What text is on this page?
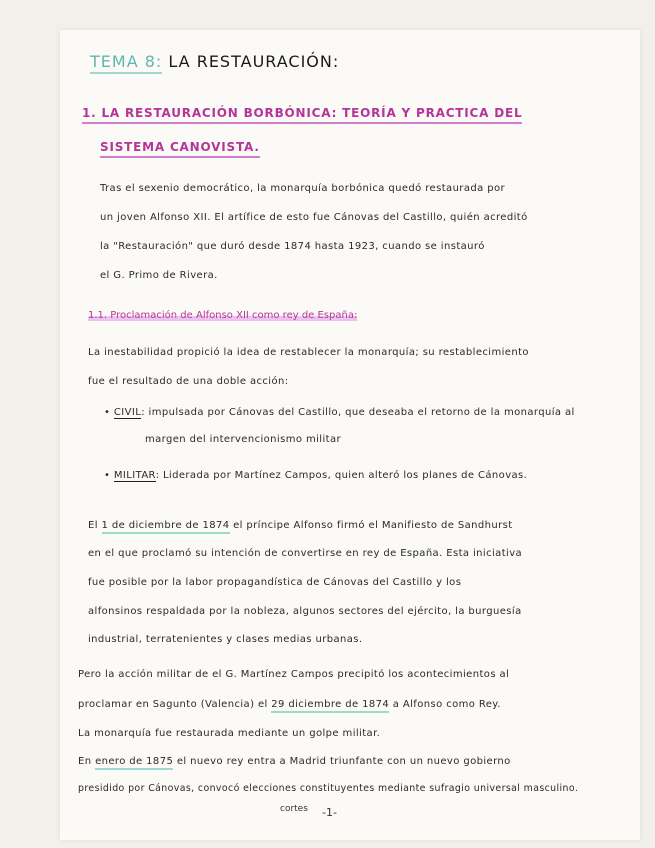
TEMA 8: LA RESTAURACIÓN:
1. LA RESTAURACIÓN BORBÓNICA: TEORÍA Y PRACTICA DEL
SISTEMA CANOVISTA.
Tras el sexenio democrático, la monarquía borbónica quedó restaurada por
un joven Alfonso XII. El artífice de esto fue Cánovas del Castillo, quién acreditó
la "Restauración" que duró desde 1874 hasta 1923, cuando se instauró
el G. Primo de Rivera.
1.1. Proclamación de Alfonso XII como rey de España:
La inestabilidad propició la idea de restablecer la monarquía; su restablecimiento
fue el resultado de una doble acción:
• CIVIL: impulsada por Cánovas del Castillo, que deseaba el retorno de la monarquía al
margen del intervencionismo militar
• MILITAR: Liderada por Martínez Campos, quien alteró los planes de Cánovas.
El 1 de diciembre de 1874 el príncipe Alfonso firmó el Manifiesto de Sandhurst
en el que proclamó su intención de convertirse en rey de España. Esta iniciativa
fue posible por la labor propagandística de Cánovas del Castillo y los
alfonsinos respaldada por la nobleza, algunos sectores del ejército, la burguesía
industrial, terratenientes y clases medias urbanas.
Pero la acción militar de el G. Martínez Campos precipitó los acontecimientos al
proclamar en Sagunto (Valencia) el 29 diciembre de 1874 a Alfonso como Rey.
La monarquía fue restaurada mediante un golpe militar.
En enero de 1875 el nuevo rey entra a Madrid triunfante con un nuevo gobierno
presidido por Cánovas, convocó elecciones constituyentes mediante sufragio universal masculino.
cortes -1-
